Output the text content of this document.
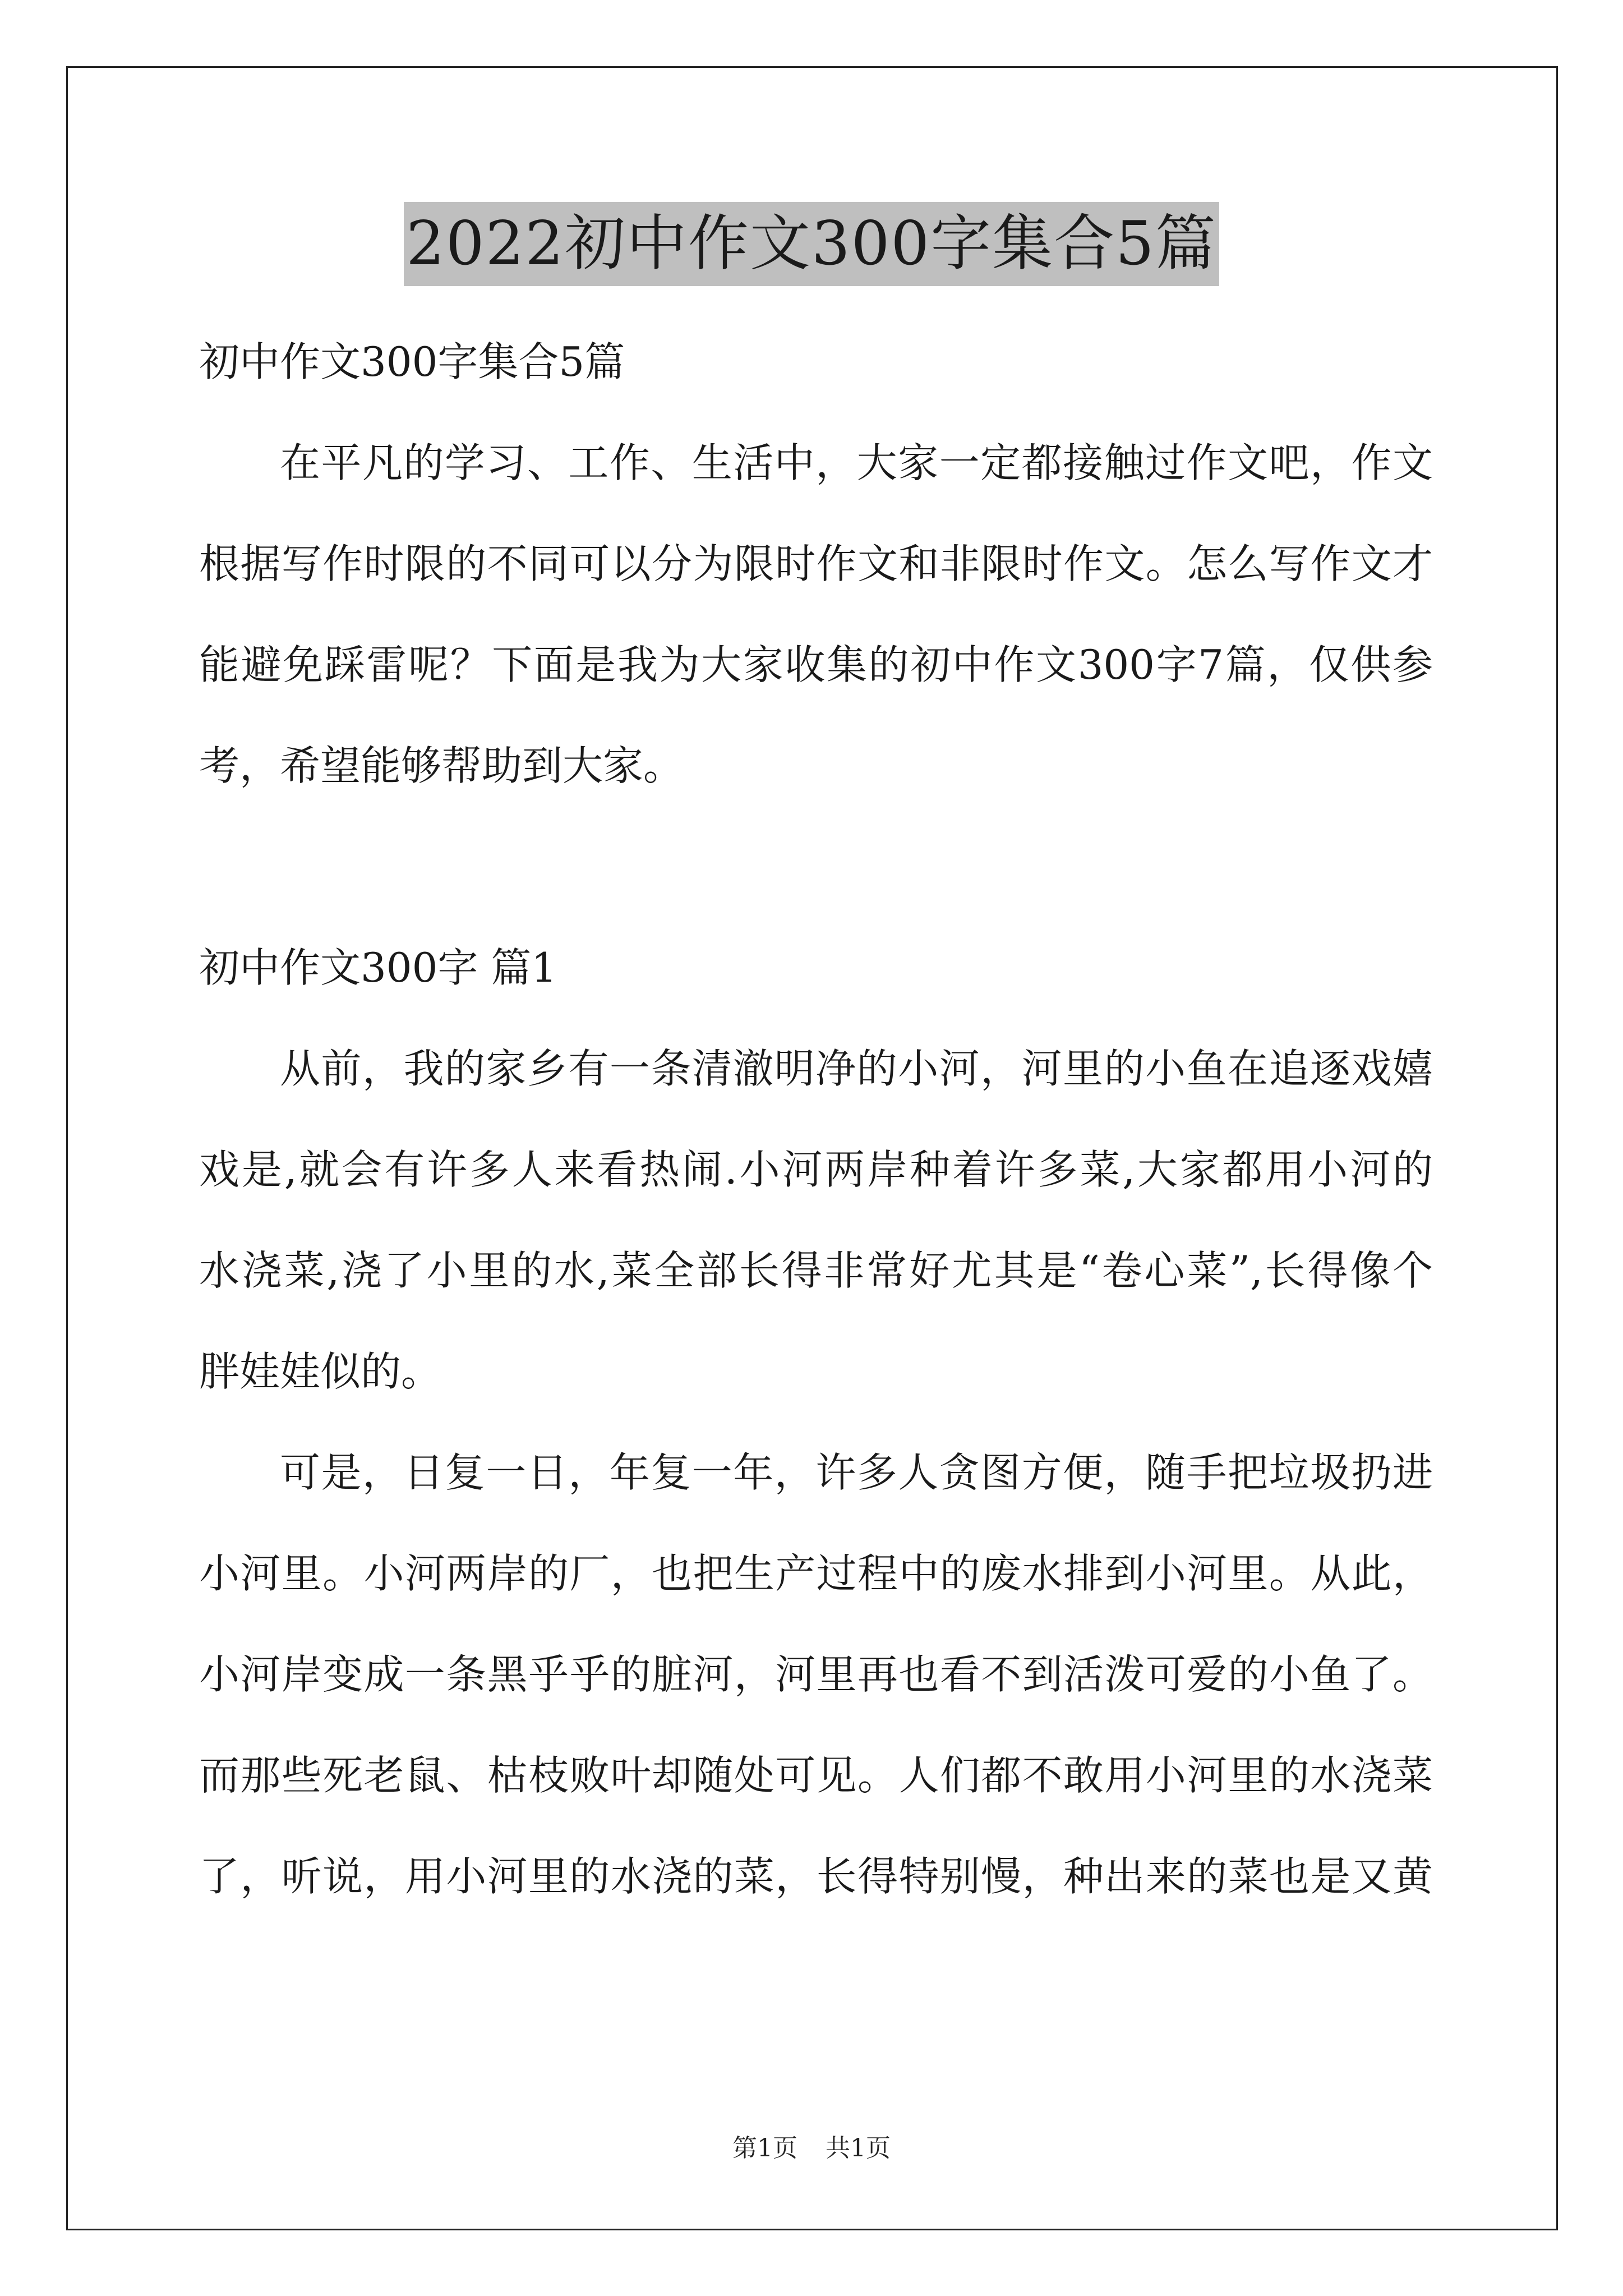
2022初中作文300字集合5篇
初中作文300字集合5篇
在平凡的学习、工作、生活中，大家一定都接触过作文吧，作文
根据写作时限的不同可以分为限时作文和非限时作文。怎么写作文才
能避免踩雷呢？下面是我为大家收集的初中作文300字7篇，仅供参
考，希望能够帮助到大家。
初中作文300字 篇1
从前，我的家乡有一条清澈明净的小河，河里的小鱼在追逐戏嬉
戏是,就会有许多人来看热闹.小河两岸种着许多菜,大家都用小河的
水浇菜,浇了小里的水,菜全部长得非常好尤其是“卷心菜”,长得像个
胖娃娃似的。
可是，日复一日，年复一年，许多人贪图方便，随手把垃圾扔进
小河里。小河两岸的厂，也把生产过程中的废水排到小河里。从此，
小河岸变成一条黑乎乎的脏河，河里再也看不到活泼可爱的小鱼了。
而那些死老鼠、枯枝败叶却随处可见。人们都不敢用小河里的水浇菜
了，听说，用小河里的水浇的菜，长得特别慢，种出来的菜也是又黄
第1页 共1页
